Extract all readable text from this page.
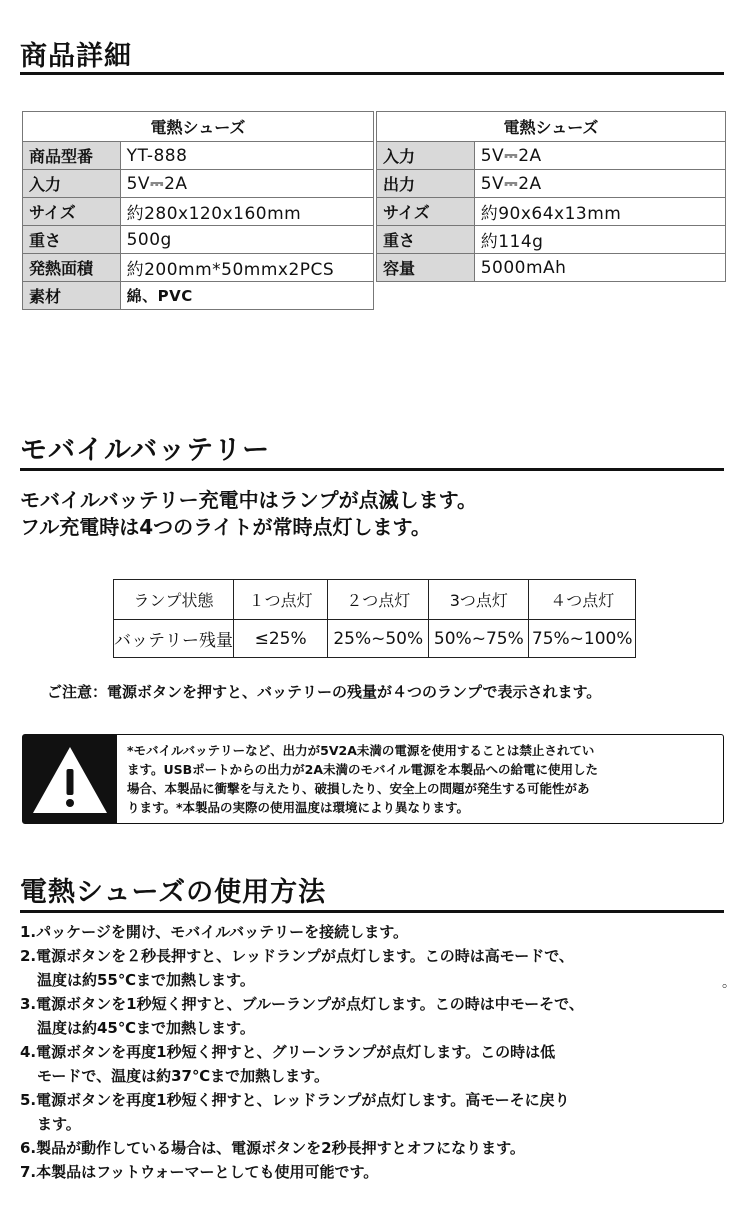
商品詳細
電熱シューズ	
商品型番	YT-888
入力	5V⎓2A
サイズ	約280x120x160mm
重さ	500g
発熱面積	約200mm*50mmx2PCS
素材	綿、PVC
電熱シューズ	
入力	5V⎓2A
出力	5V⎓2A
サイズ	約90x64x13mm
重さ	約114g
容量	5000mAh
モバイルバッテリー
モバイルバッテリー充電中はランプが点滅します。
フル充電時は4つのライトが常時点灯します。
ランプ状態	１つ点灯	２つ点灯	3つ点灯	４つ点灯
バッテリー残量	≤25%	25%~50%	50%~75%	75%~100%
ご注意：電源ボタンを押すと、バッテリーの残量が４つのランプで表示されます。
*モバイルバッテリーなど、出力が5V2A未満の電源を使用することは禁止されてい
ます。USBポートからの出力が2A未満のモバイル電源を本製品への給電に使用した
場合、本製品に衝撃を与えたり、破損したり、安全上の問題が発生する可能性があ
ります。*本製品の実際の使用温度は環境により異なります。
電熱シューズの使用方法
1.パッケージを開け、モバイルバッテリーを接続します。
2.電源ボタンを２秒長押すと、レッドランプが点灯します。この時は高モードで、
温度は約55℃まで加熱します。
3.電源ボタンを1秒短く押すと、ブルーランプが点灯します。この時は中モーそで、
温度は約45℃まで加熱します。
4.電源ボタンを再度1秒短く押すと、グリーンランプが点灯します。この時は低
モードで、温度は約37℃まで加熱します。
5.電源ボタンを再度1秒短く押すと、レッドランプが点灯します。高モーそに戻り
ます。
6.製品が動作している場合は、電源ボタンを2秒長押すとオフになります。
7.本製品はフットウォーマーとしても使用可能です。
。
